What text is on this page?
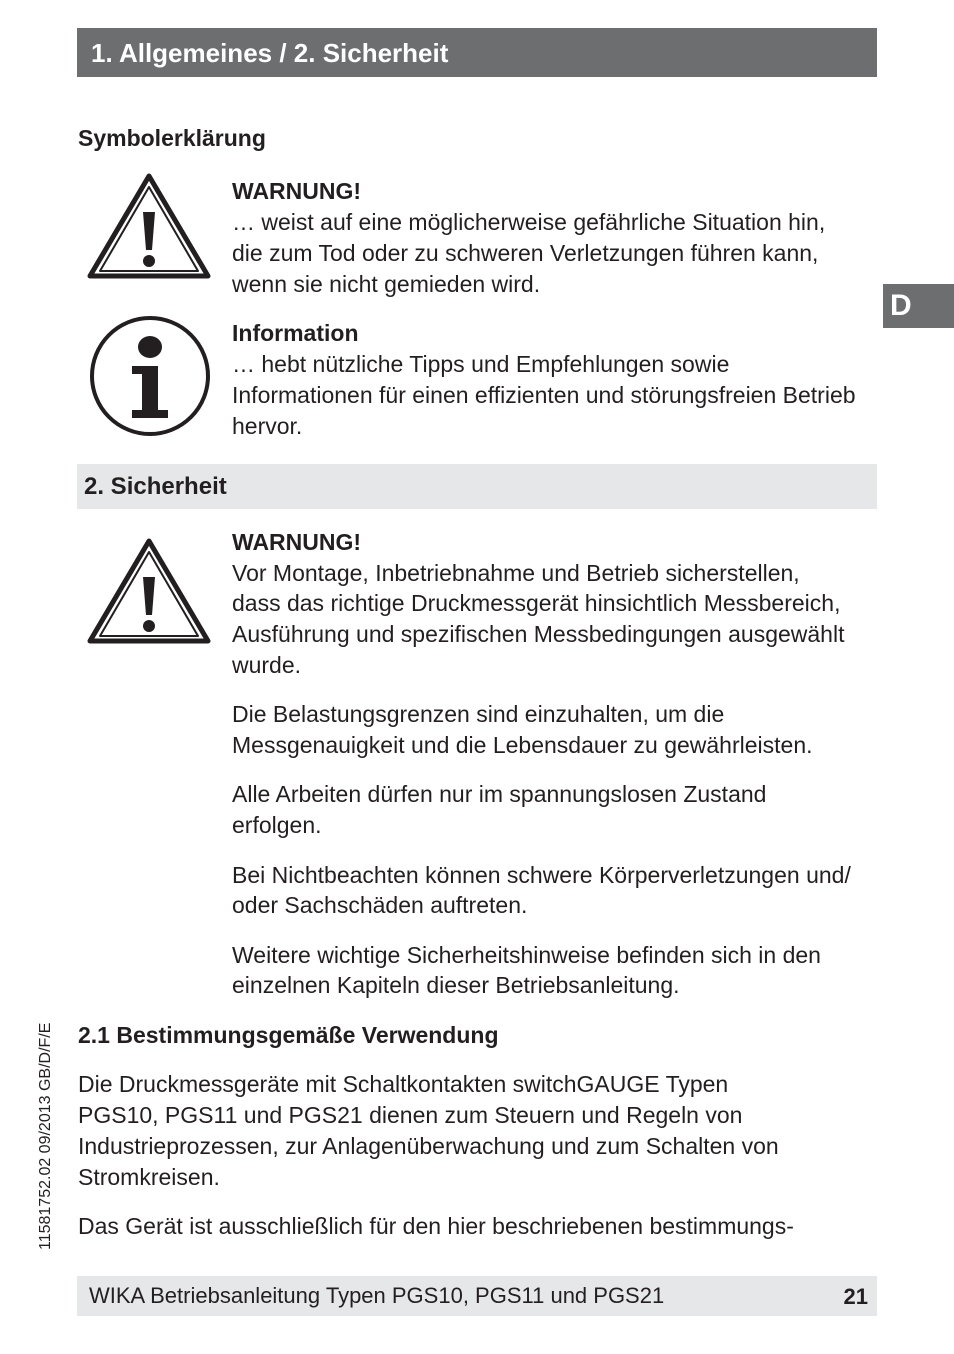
1. Allgemeines / 2. Sicherheit
D
11581752.02 09/2013 GB/D/F/E
Symbolerklärung
WARNUNG!
… weist auf eine möglicherweise gefährliche Situation hin,
die zum Tod oder zu schweren Verletzungen führen kann,
wenn sie nicht gemieden wird.
Information
… hebt nützliche Tipps und Empfehlungen sowie
Informationen für einen effizienten und störungsfreien Betrieb
hervor.
2. Sicherheit
WARNUNG!
Vor Montage, Inbetriebnahme und Betrieb sicherstellen,
dass das richtige Druckmessgerät hinsichtlich Messbereich,
Ausführung und spezifischen Messbedingungen ausgewählt
wurde.
Die Belastungsgrenzen sind einzuhalten, um die
Messgenauigkeit und die Lebensdauer zu gewährleisten.
Alle Arbeiten dürfen nur im spannungslosen Zustand
erfolgen.
Bei Nichtbeachten können schwere Körperverletzungen und/
oder Sachschäden auftreten.
Weitere wichtige Sicherheitshinweise befinden sich in den
einzelnen Kapiteln dieser Betriebsanleitung.
2.1 Bestimmungsgemäße Verwendung
Die Druckmessgeräte mit Schaltkontakten switchGAUGE Typen
PGS10, PGS11 und PGS21 dienen zum Steuern und Regeln von
Industrieprozessen, zur Anlagenüberwachung und zum Schalten von
Stromkreisen.
Das Gerät ist ausschließlich für den hier beschriebenen bestimmungs-
WIKA Betriebsanleitung Typen PGS10, PGS11 und PGS21	21
